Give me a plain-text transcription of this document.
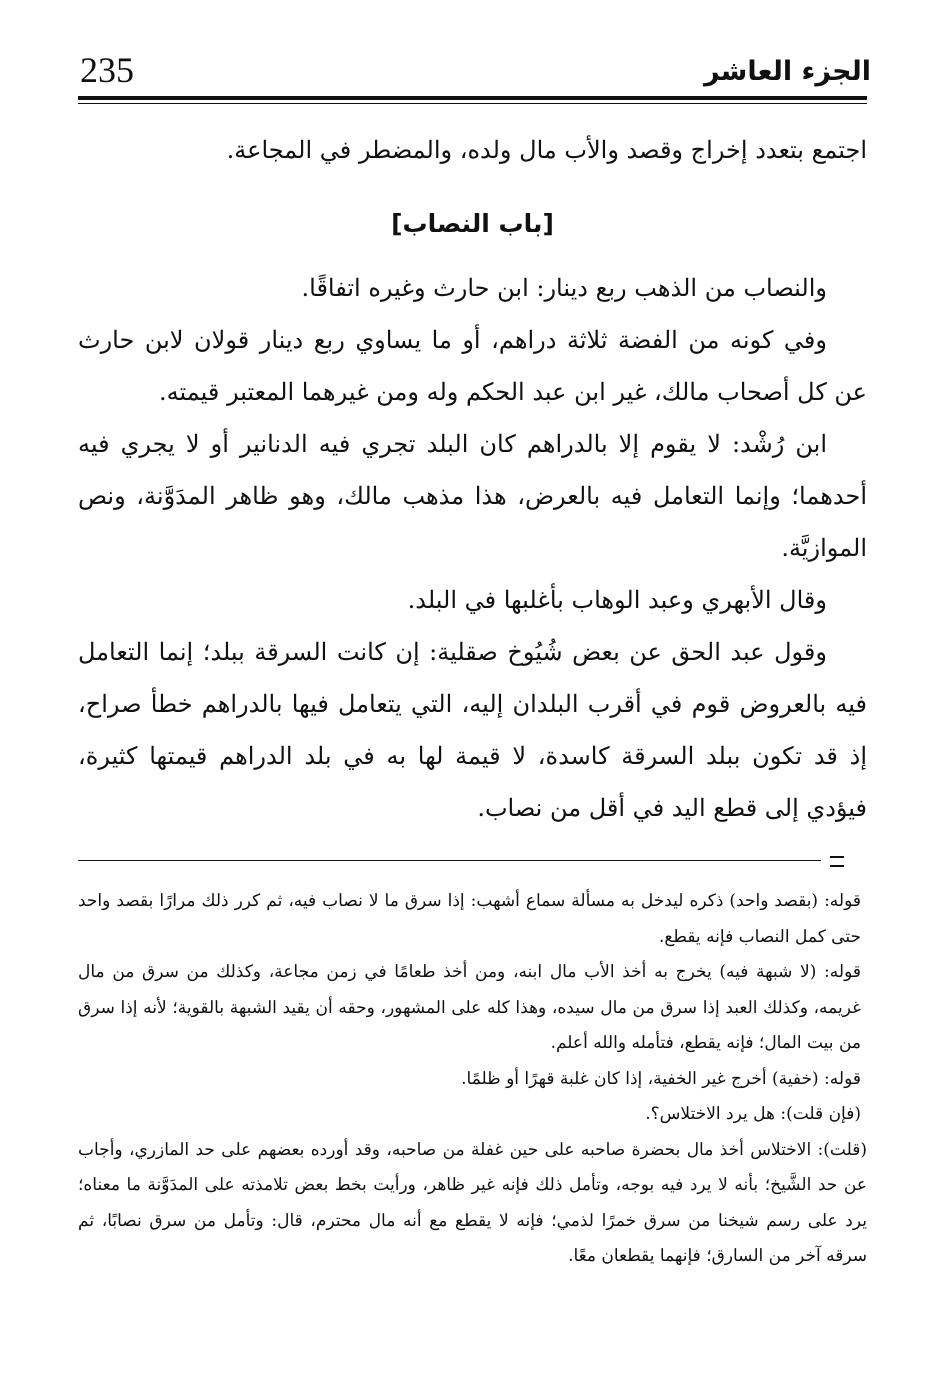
الجزء العاشر
235

اجتمع بتعدد إخراج وقصد والأب مال ولده، والمضطر في المجاعة.

[باب النصاب]

والنصاب من الذهب ربع دينار: ابن حارث وغيره اتفاقًا.

وفي كونه من الفضة ثلاثة دراهم، أو ما يساوي ربع دينار قولان لابن حارث عن كل أصحاب مالك، غير ابن عبد الحكم وله ومن غيرهما المعتبر قيمته.

ابن رُشْد: لا يقوم إلا بالدراهم كان البلد تجري فيه الدنانير أو لا يجري فيه أحدهما؛ وإنما التعامل فيه بالعرض، هذا مذهب مالك، وهو ظاهر المدَوَّنة، ونص الموازيَّة.

وقال الأبهري وعبد الوهاب بأغلبها في البلد.

وقول عبد الحق عن بعض شُيُوخ صقلية: إن كانت السرقة ببلد؛ إنما التعامل فيه بالعروض قوم في أقرب البلدان إليه، التي يتعامل فيها بالدراهم خطأ صراح، إذ قد تكون ببلد السرقة كاسدة، لا قيمة لها به في بلد الدراهم قيمتها كثيرة، فيؤدي إلى قطع اليد في أقل من نصاب.

قوله: (بقصد واحد) ذكره ليدخل به مسألة سماع أشهب: إذا سرق ما لا نصاب فيه، ثم كرر ذلك مرارًا بقصد واحد حتى كمل النصاب فإنه يقطع.

قوله: (لا شبهة فيه) يخرج به أخذ الأب مال ابنه، ومن أخذ طعامًا في زمن مجاعة، وكذلك من سرق من مال غريمه، وكذلك العبد إذا سرق من مال سيده، وهذا كله على المشهور، وحقه أن يقيد الشبهة بالقوية؛ لأنه إذا سرق من بيت المال؛ فإنه يقطع، فتأمله والله أعلم.

قوله: (خفية) أخرج غير الخفية، إذا كان غلبة قهرًا أو ظلمًا.

(فإن قلت): هل يرد الاختلاس؟.

(قلت): الاختلاس أخذ مال بحضرة صاحبه على حين غفلة من صاحبه، وقد أورده بعضهم على حد المازري، وأجاب عن حد الشَّيخ؛ بأنه لا يرد فيه بوجه، وتأمل ذلك فإنه غير ظاهر، ورأيت بخط بعض تلامذته على المدَوَّنة ما معناه؛ يرد على رسم شيخنا من سرق خمرًا لذمي؛ فإنه لا يقطع مع أنه مال محترم، قال: وتأمل من سرق نصابًا، ثم سرقه آخر من السارق؛ فإنهما يقطعان معًا.
